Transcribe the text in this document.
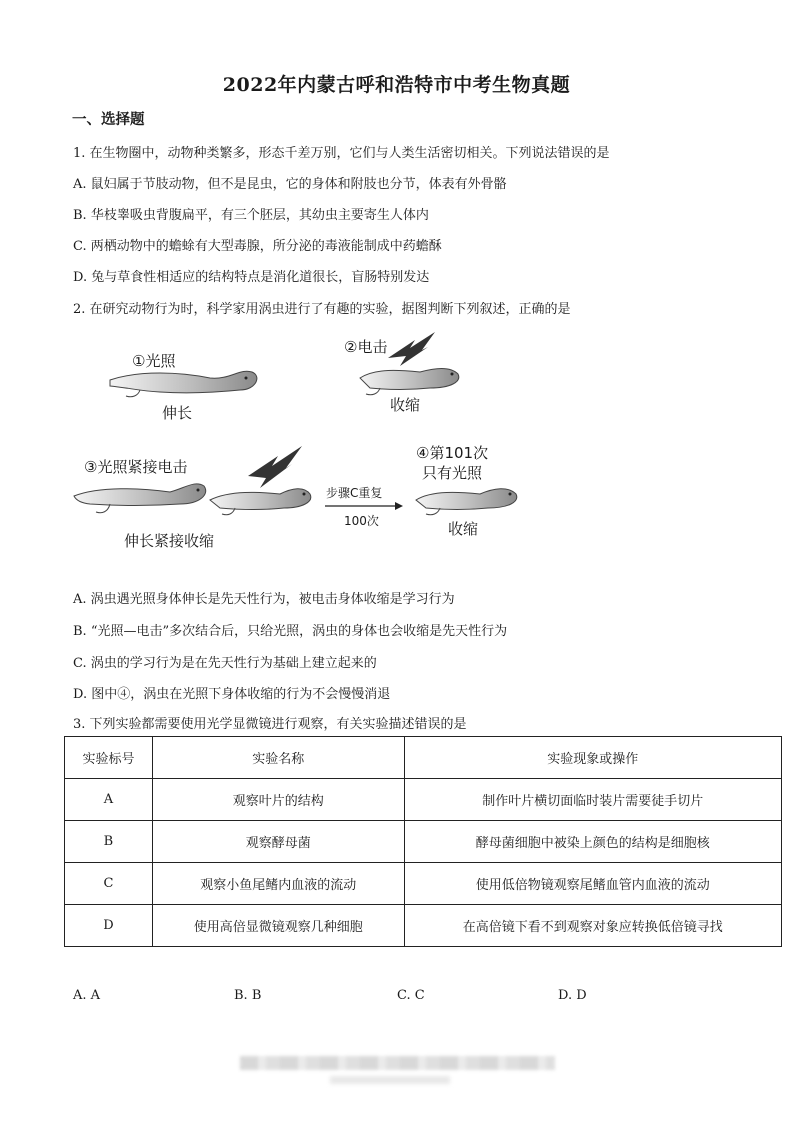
2022年内蒙古呼和浩特市中考生物真题
一、选择题
1. 在生物圈中，动物种类繁多，形态千差万别，它们与人类生活密切相关。下列说法错误的是
A. 鼠妇属于节肢动物，但不是昆虫，它的身体和附肢也分节，体表有外骨骼
B. 华枝睾吸虫背腹扁平，有三个胚层，其幼虫主要寄生人体内
C. 两栖动物中的蟾蜍有大型毒腺，所分泌的毒液能制成中药蟾酥
D. 兔与草食性相适应的结构特点是消化道很长，盲肠特别发达
2. 在研究动物行为时，科学家用涡虫进行了有趣的实验，据图判断下列叙述，正确的是
①光照
伸长
②电击
收缩
③光照紧接电击
伸长紧接收缩
步骤C重复
100次
④第101次
只有光照
收缩
A. 涡虫遇光照身体伸长是先天性行为，被电击身体收缩是学习行为
B. “光照—电击”多次结合后，只给光照，涡虫的身体也会收缩是先天性行为
C. 涡虫的学习行为是在先天性行为基础上建立起来的
D. 图中④，涡虫在光照下身体收缩的行为不会慢慢消退
3. 下列实验都需要使用光学显微镜进行观察，有关实验描述错误的是
实验标号	实验名称	实验现象或操作
A	观察叶片的结构	制作叶片横切面临时装片需要徒手切片
B	观察酵母菌	酵母菌细胞中被染上颜色的结构是细胞核
C	观察小鱼尾鳍内血液的流动	使用低倍物镜观察尾鳍血管内血液的流动
D	使用高倍显微镜观察几种细胞	在高倍镜下看不到观察对象应转换低倍镜寻找
A. A	B. B	C. C	D. D
